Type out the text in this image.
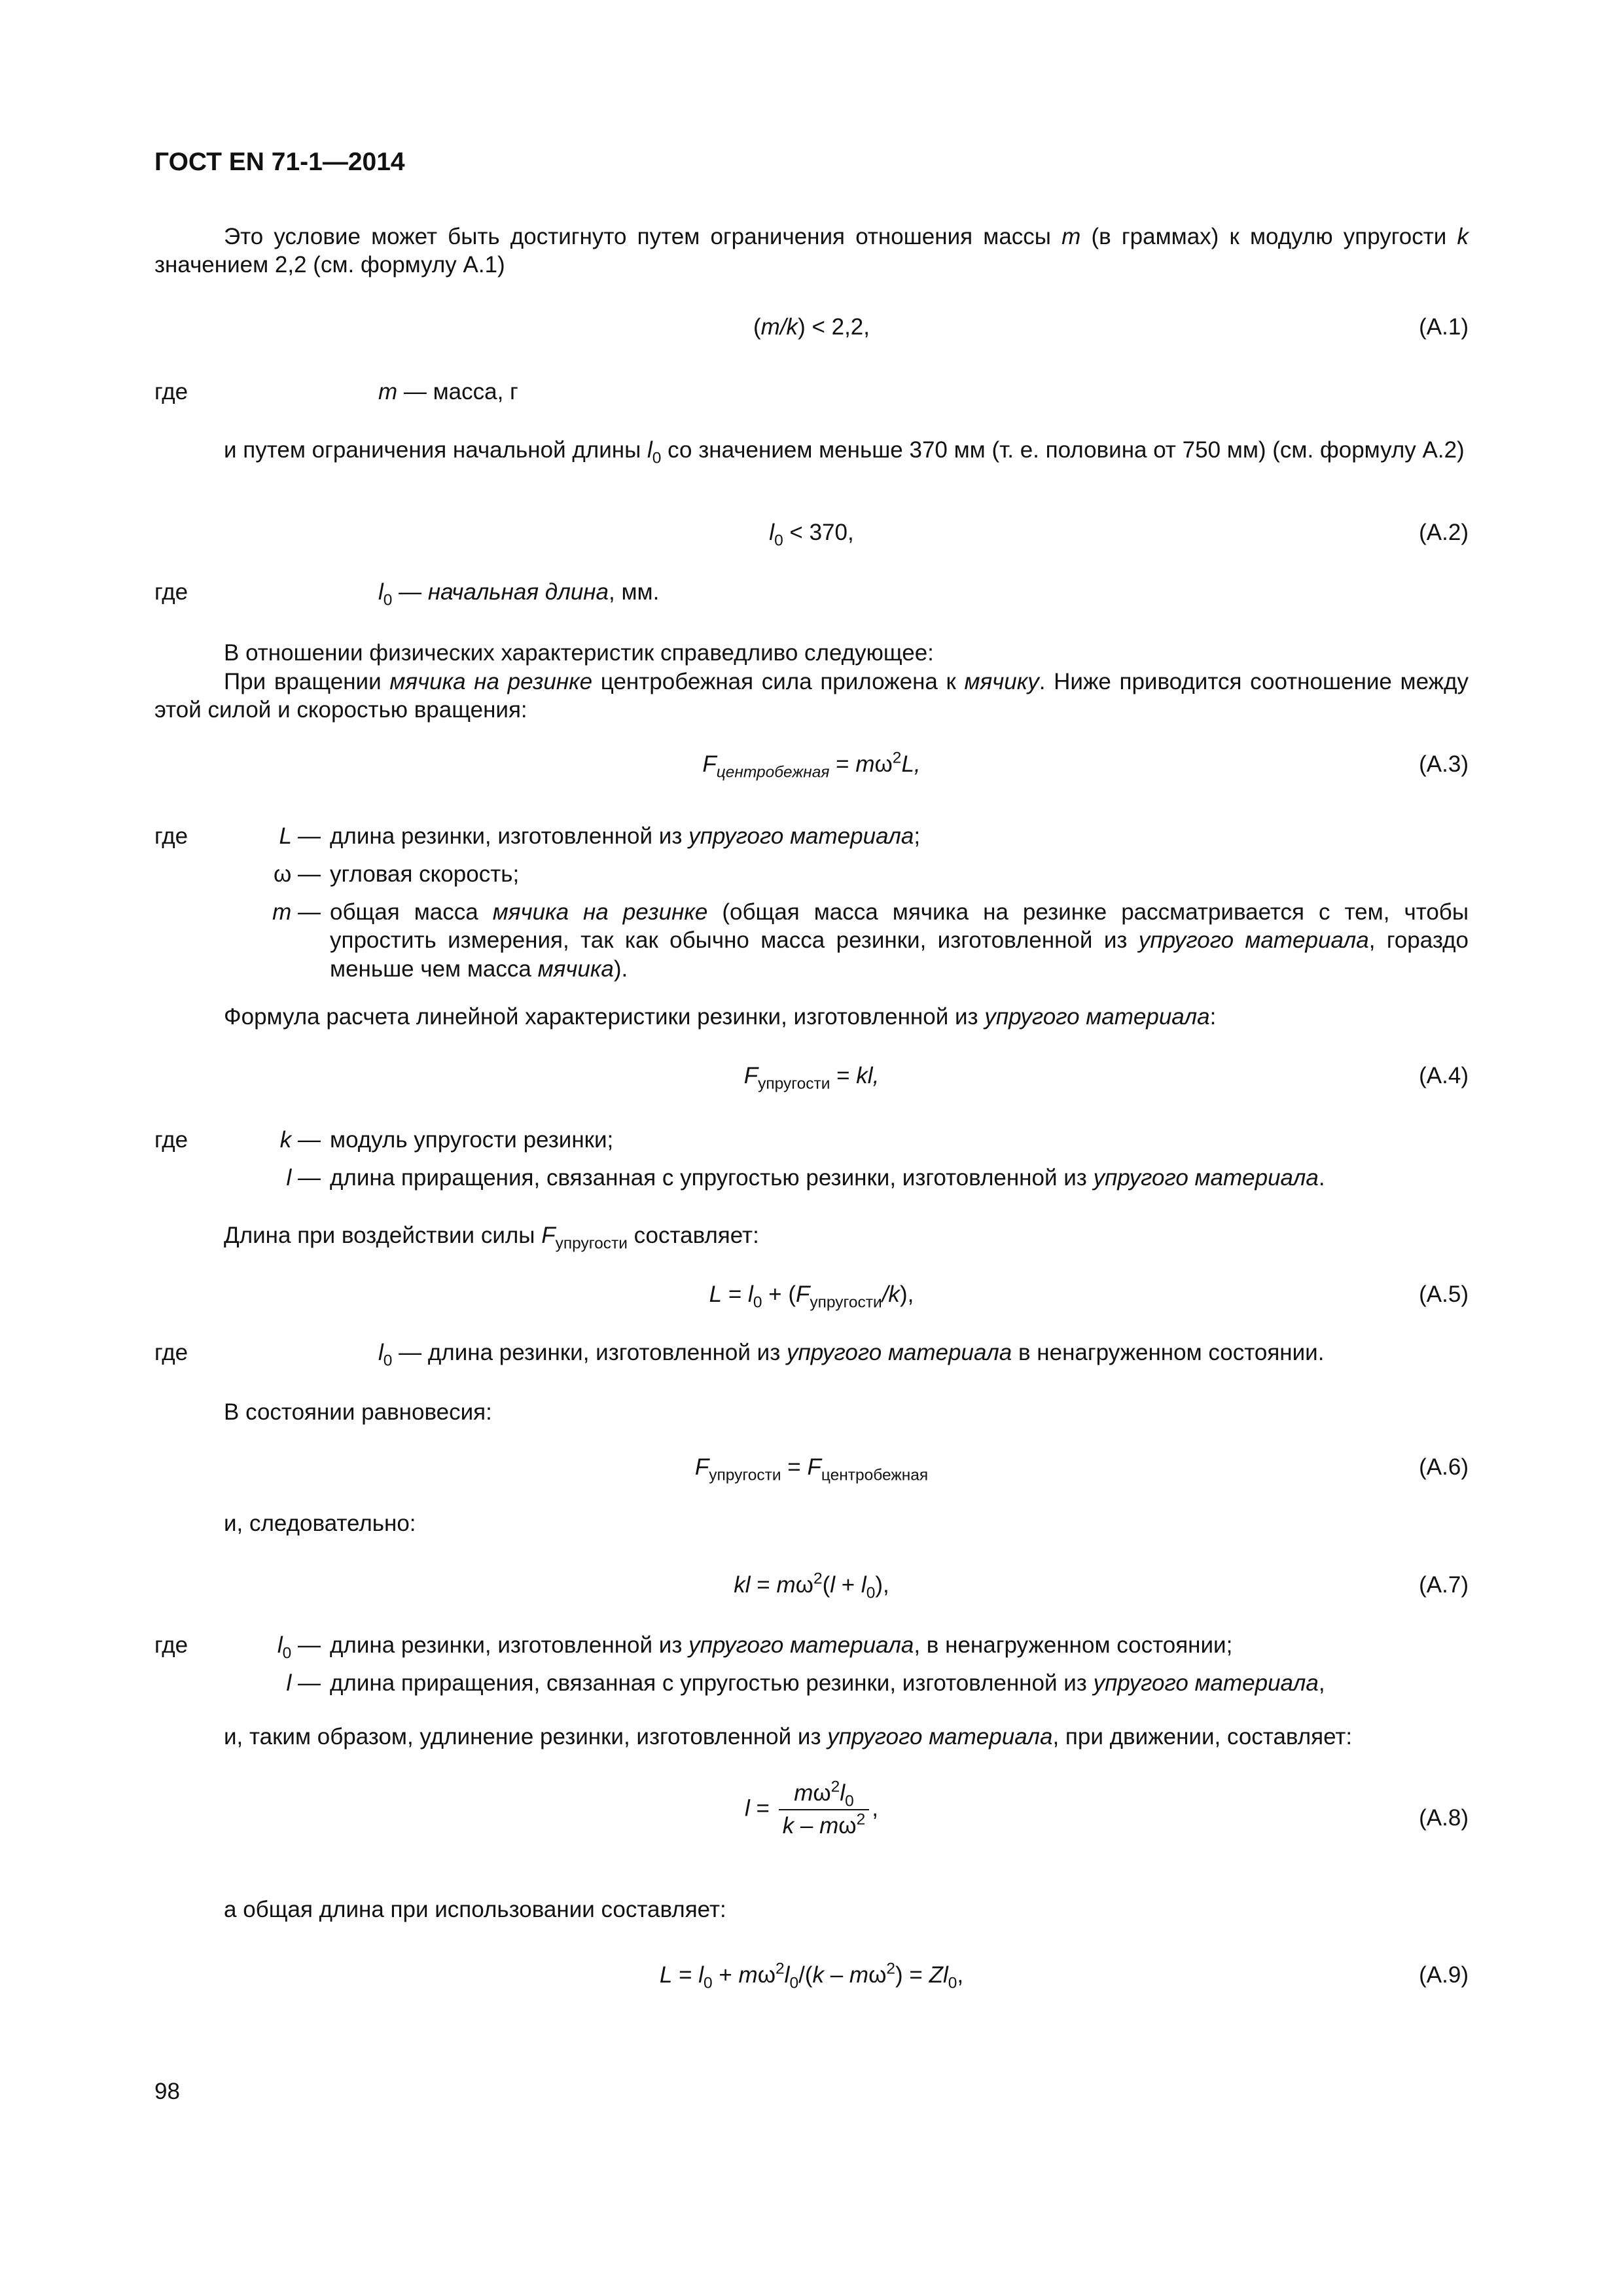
ГОСТ EN 71-1—2014
Это условие может быть достигнуто путем ограничения отношения массы m (в граммах) к модулю упругости k значением 2,2 (см. формулу А.1)
(m/k) < 2,2,	(А.1)
где	m — масса, г
и путем ограничения начальной длины $l_0$ со значением меньше 370 мм (т. е. половина от 750 мм) (см. формулу А.2)
$l_0 < 370$,	(А.2)
где	$l_0$ — начальная длина, мм.
В отношении физических характеристик справедливо следующее:
При вращении мячика на резинке центробежная сила приложена к мячику. Ниже приводится соотношение между этой силой и скоростью вращения:
$F_{центробежная} = m\omega^2L$,	(А.3)
где	L — длина резинки, изготовленной из упругого материала;
ω — угловая скорость;
m — общая масса мячика на резинке (общая масса мячика на резинке рассматривается с тем, чтобы упростить измерения, так как обычно масса резинки, изготовленной из упругого материала, гораздо меньше чем масса мячика).
Формула расчета линейной характеристики резинки, изготовленной из упругого материала:
$F_{упругости}$ = kl,	(А.4)
где	k — модуль упругости резинки;
l — длина приращения, связанная с упругостью резинки, изготовленной из упругого материала.
Длина при воздействии силы $F_{упругости}$ составляет:
$L = l_0 + (F_{упругости}/k)$,	(А.5)
где	$l_0$ — длина резинки, изготовленной из упругого материала в ненагруженном состоянии.
В состоянии равновесия:
$F_{упругости} = F_{центробежная}$	(А.6)
и, следовательно:
kl = $m\omega^2(l + l_0)$,	(А.7)
где	$l_0$ — длина резинки, изготовленной из упругого материала, в ненагруженном состоянии;
l — длина приращения, связанная с упругостью резинки, изготовленной из упругого материала,
и, таким образом, удлинение резинки, изготовленной из упругого материала, при движении, составляет:
$l = \frac{m\omega^2l_0}{k - m\omega^2}$ ,	(А.8)
а общая длина при использовании составляет:
$L = l_0 + m\omega^2l_0/(k - m\omega^2) = Zl_0$,	(А.9)
98
